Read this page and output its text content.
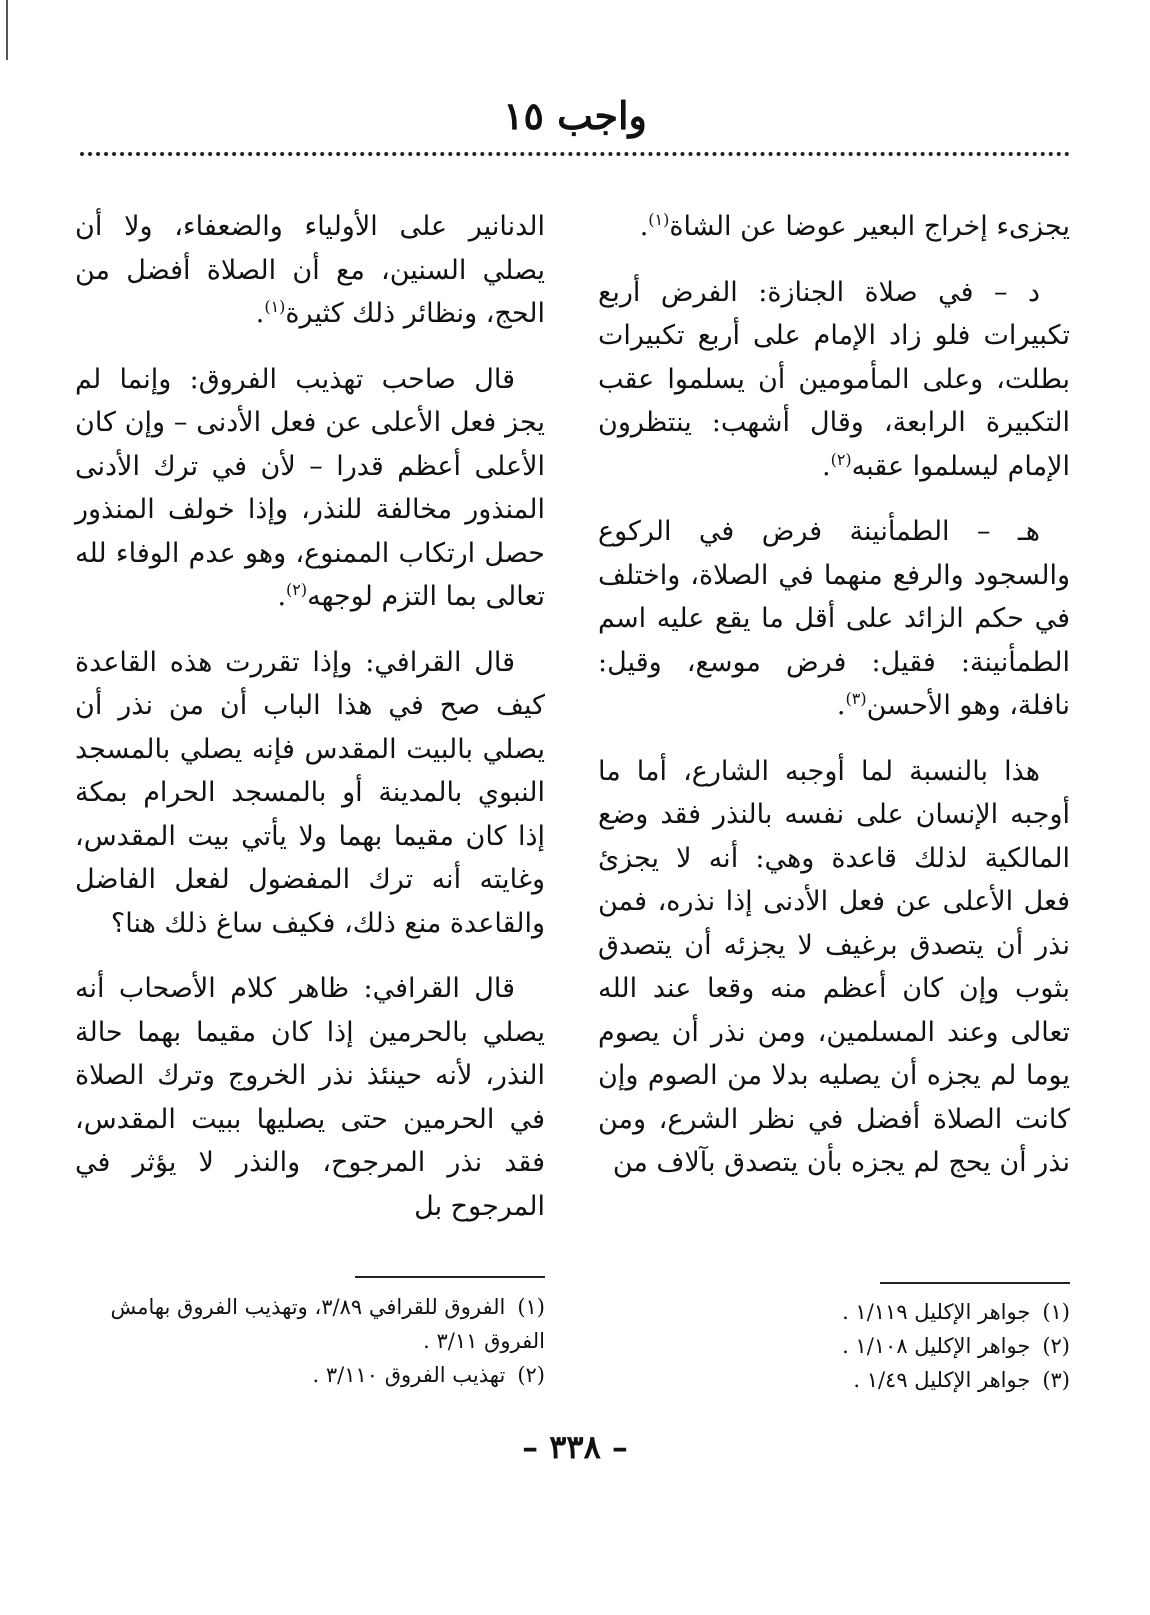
واجب ١٥

يجزىء إخراج البعير عوضا عن الشاة$^{(١)}$.

د – في صلاة الجنازة: الفرض أربع تكبيرات فلو زاد الإمام على أربع تكبيرات بطلت، وعلى المأمومين أن يسلموا عقب التكبيرة الرابعة، وقال أشهب: ينتظرون الإمام ليسلموا عقبه$^{(٢)}$.

هـ – الطمأنينة فرض في الركوع والسجود والرفع منهما في الصلاة، واختلف في حكم الزائد على أقل ما يقع عليه اسم الطمأنينة: فقيل: فرض موسع، وقيل: نافلة، وهو الأحسن$^{(٣)}$.

هذا بالنسبة لما أوجبه الشارع، أما ما أوجبه الإنسان على نفسه بالنذر فقد وضع المالكية لذلك قاعدة وهي: أنه لا يجزئ فعل الأعلى عن فعل الأدنى إذا نذره، فمن نذر أن يتصدق برغيف لا يجزئه أن يتصدق بثوب وإن كان أعظم منه وقعا عند الله تعالى وعند المسلمين، ومن نذر أن يصوم يوما لم يجزه أن يصليه بدلا من الصوم وإن كانت الصلاة أفضل في نظر الشرع، ومن نذر أن يحج لم يجزه بأن يتصدق بآلاف من

الدنانير على الأولياء والضعفاء، ولا أن يصلي السنين، مع أن الصلاة أفضل من الحج، ونظائر ذلك كثيرة$^{(١)}$.

قال صاحب تهذيب الفروق: وإنما لم يجز فعل الأعلى عن فعل الأدنى – وإن كان الأعلى أعظم قدرا – لأن في ترك الأدنى المنذور مخالفة للنذر، وإذا خولف المنذور حصل ارتكاب الممنوع، وهو عدم الوفاء لله تعالى بما التزم لوجهه$^{(٢)}$.

قال القرافي: وإذا تقررت هذه القاعدة كيف صح في هذا الباب أن من نذر أن يصلي بالبيت المقدس فإنه يصلي بالمسجد النبوي بالمدينة أو بالمسجد الحرام بمكة إذا كان مقيما بهما ولا يأتي بيت المقدس، وغايته أنه ترك المفضول لفعل الفاضل والقاعدة منع ذلك، فكيف ساغ ذلك هنا؟

قال القرافي: ظاهر كلام الأصحاب أنه يصلي بالحرمين إذا كان مقيما بهما حالة النذر، لأنه حينئذ نذر الخروج وترك الصلاة في الحرمين حتى يصليها ببيت المقدس، فقد نذر المرجوح، والنذر لا يؤثر في المرجوح بل

(١)جواهر الإكليل ١/١١٩ .
(٢)جواهر الإكليل ١/١٠٨ .
(٣)جواهر الإكليل ١/٤٩ .
(١)الفروق للقرافي ٣/٨٩، وتهذيب الفروق بهامش الفروق ٣/١١ .
(٢)تهذيب الفروق ٣/١١٠ .
– ٣٣٨ –
